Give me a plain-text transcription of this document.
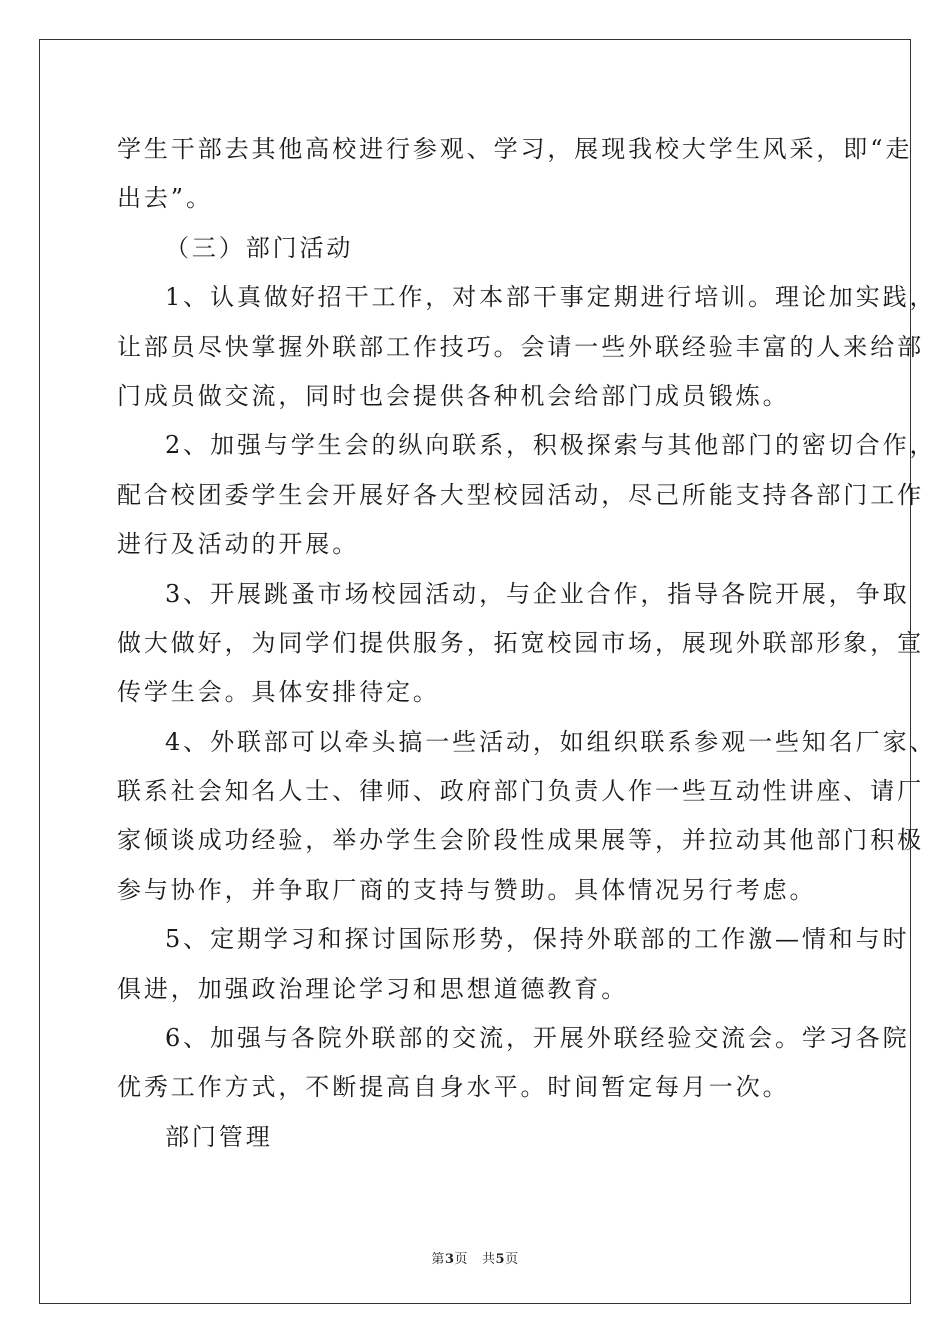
学生干部去其他高校进行参观、学习，展现我校大学生风采，即“走
出去”。
（三）部门活动
1、认真做好招干工作，对本部干事定期进行培训。理论加实践，
让部员尽快掌握外联部工作技巧。会请一些外联经验丰富的人来给部
门成员做交流，同时也会提供各种机会给部门成员锻炼。
2、加强与学生会的纵向联系，积极探索与其他部门的密切合作，
配合校团委学生会开展好各大型校园活动，尽己所能支持各部门工作
进行及活动的开展。
3、开展跳蚤市场校园活动，与企业合作，指导各院开展，争取
做大做好，为同学们提供服务，拓宽校园市场，展现外联部形象，宣
传学生会。具体安排待定。
4、外联部可以牵头搞一些活动，如组织联系参观一些知名厂家、
联系社会知名人士、律师、政府部门负责人作一些互动性讲座、请厂
家倾谈成功经验，举办学生会阶段性成果展等，并拉动其他部门积极
参与协作，并争取厂商的支持与赞助。具体情况另行考虑。
5、定期学习和探讨国际形势，保持外联部的工作激—情和与时
俱进，加强政治理论学习和思想道德教育。
6、加强与各院外联部的交流，开展外联经验交流会。学习各院
优秀工作方式，不断提高自身水平。时间暂定每月一次。
部门管理
第3页 共5页
